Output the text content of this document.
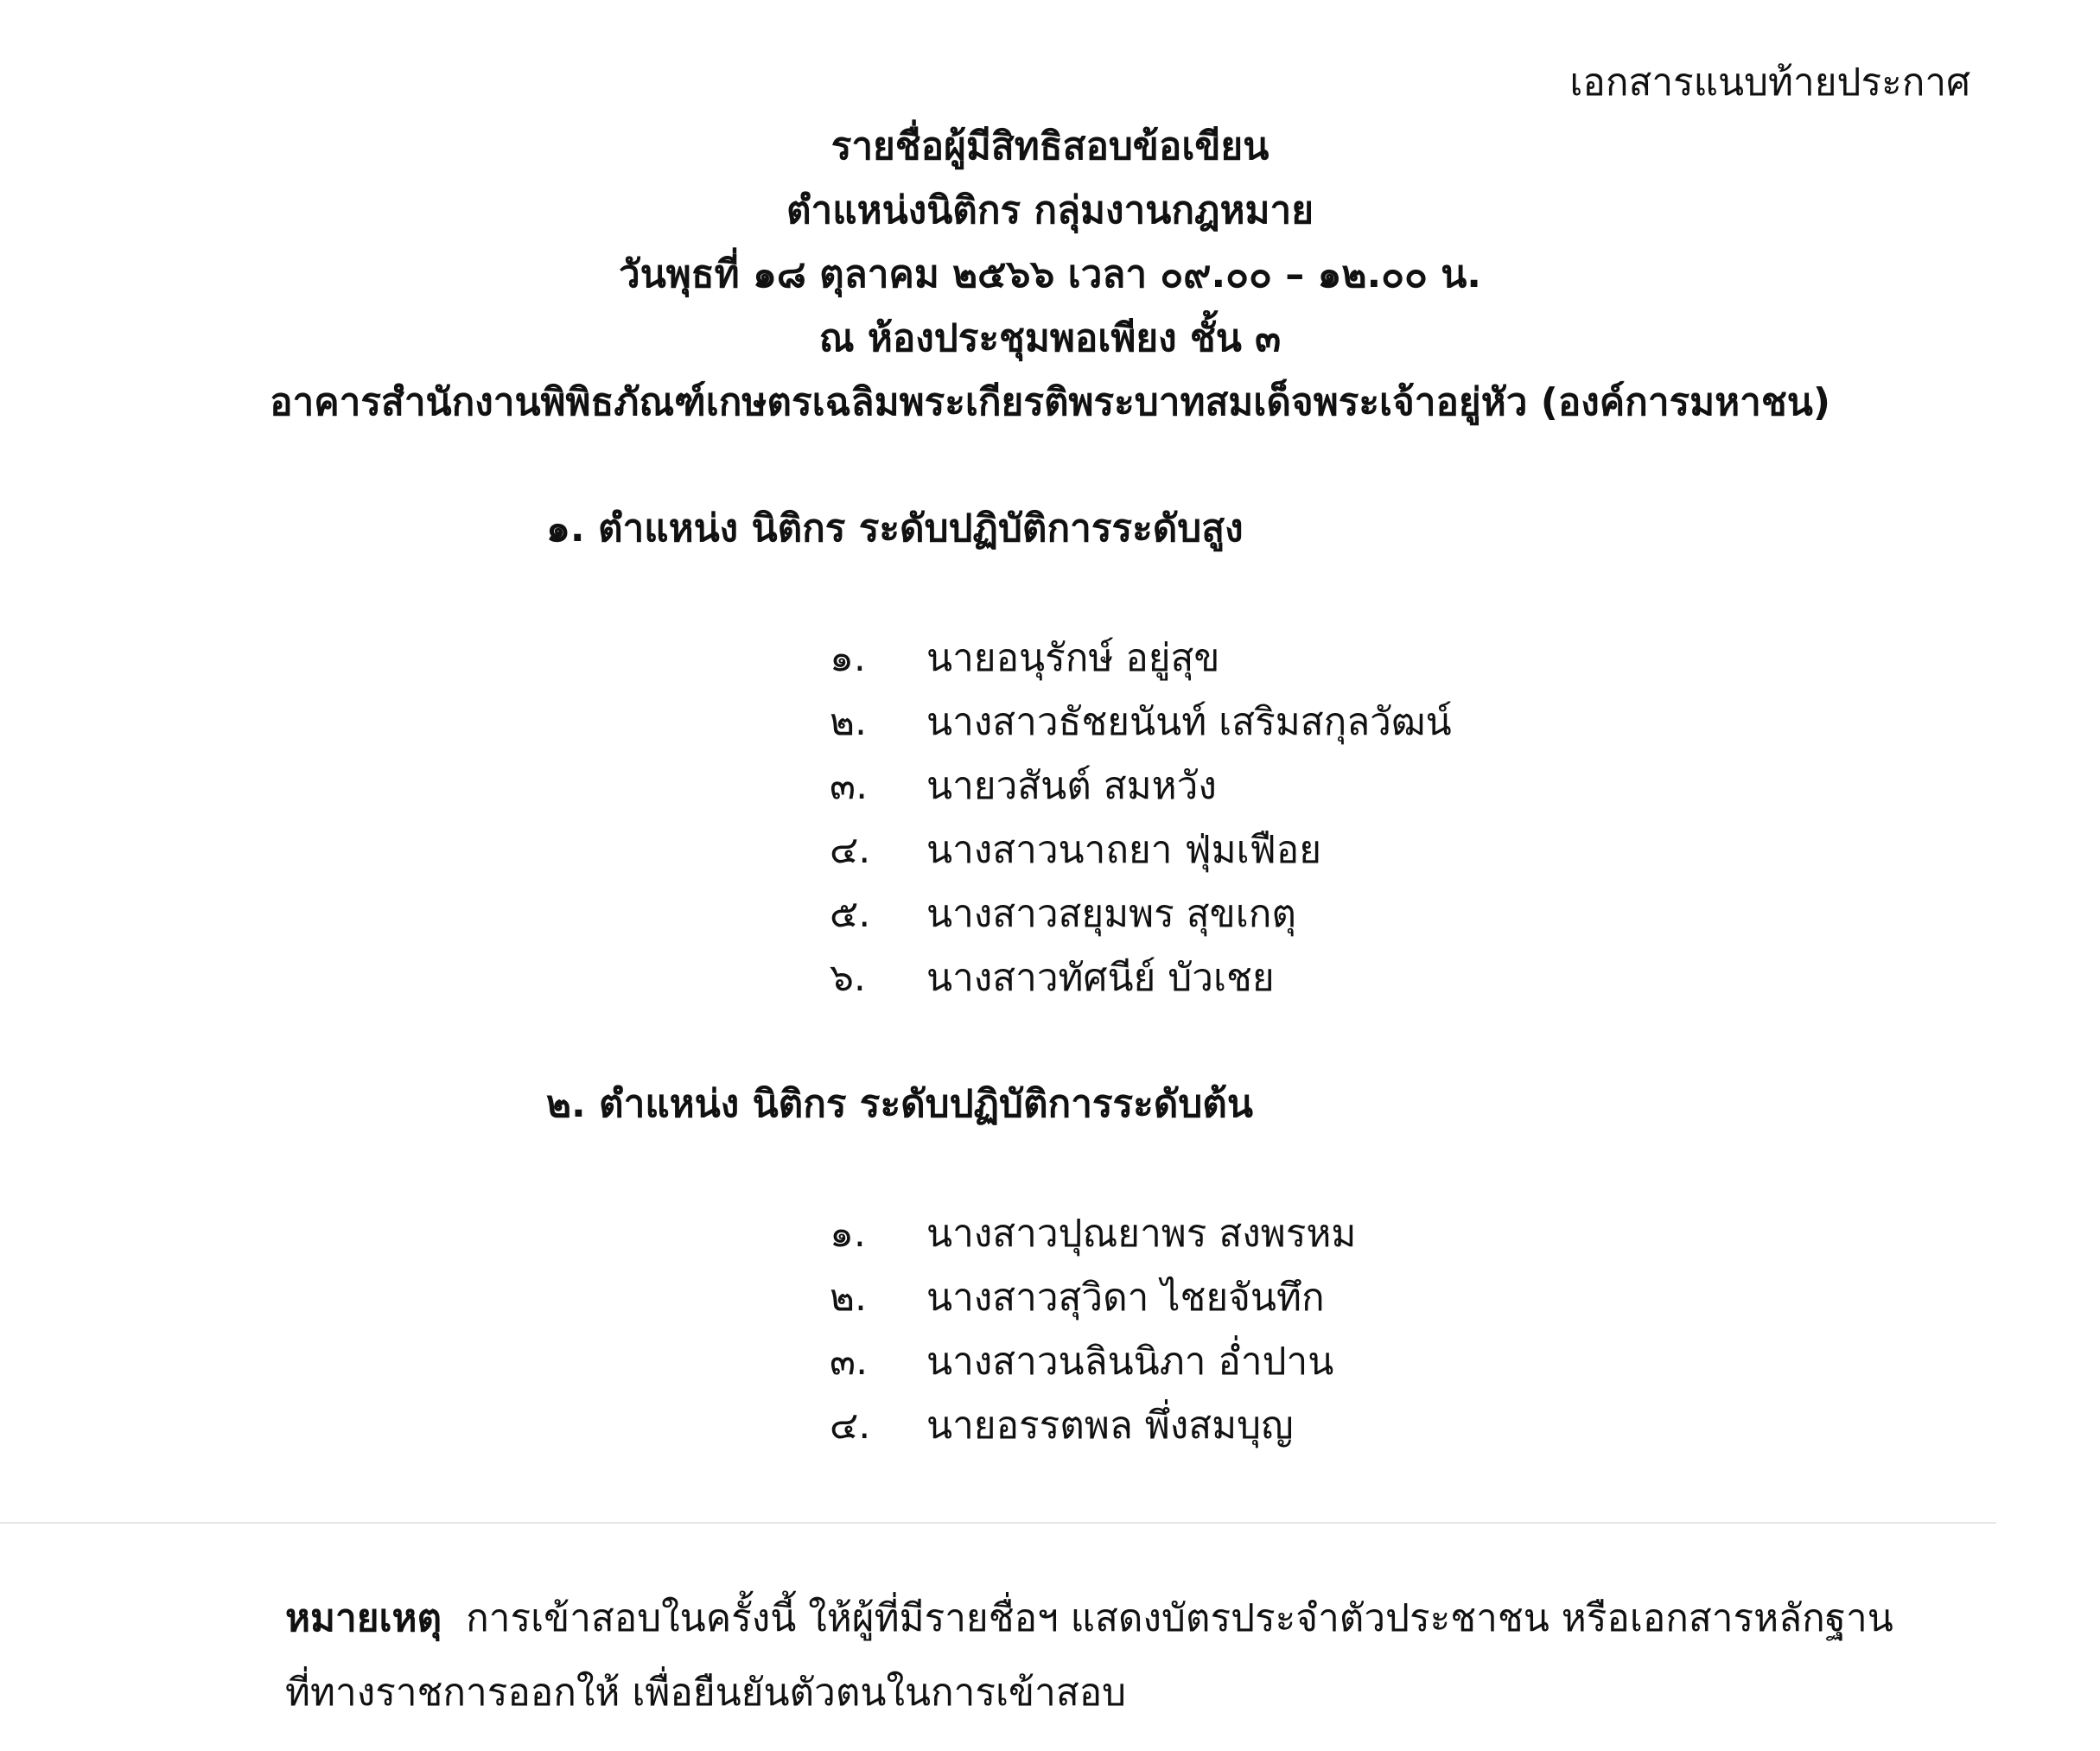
เอกสารแนบท้ายประกาศ
รายชื่อผู้มีสิทธิสอบข้อเขียน
ตำแหน่งนิติกร กลุ่มงานกฎหมาย
วันพุธที่ ๑๘ ตุลาคม ๒๕๖๖ เวลา ๐๙.๐๐ – ๑๒.๐๐ น.
ณ ห้องประชุมพอเพียง ชั้น ๓
อาคารสำนักงานพิพิธภัณฑ์เกษตรเฉลิมพระเกียรติพระบาทสมเด็จพระเจ้าอยู่หัว (องค์การมหาชน)
๑. ตำแหน่ง นิติกร ระดับปฏิบัติการระดับสูง
๑.	นายอนุรักษ์ อยู่สุข
๒.	นางสาวธัชยนันท์ เสริมสกุลวัฒน์
๓.	นายวสันต์ สมหวัง
๔.	นางสาวนาถยา ฟุ่มเฟือย
๕.	นางสาวสยุมพร สุขเกตุ
๖.	นางสาวทัศนีย์ บัวเชย
๒. ตำแหน่ง นิติกร ระดับปฏิบัติการระดับต้น
๑.	นางสาวปุณยาพร สงพรหม
๒.	นางสาวสุวิดา ไชยจันทึก
๓.	นางสาวนลินนิภา อ่ำปาน
๔.	นายอรรตพล พึ่งสมบุญ
หมายเหตุ การเข้าสอบในครั้งนี้ ให้ผู้ที่มีรายชื่อฯ แสดงบัตรประจำตัวประชาชน หรือเอกสารหลักฐานที่ทางราชการออกให้ เพื่อยืนยันตัวตนในการเข้าสอบ
